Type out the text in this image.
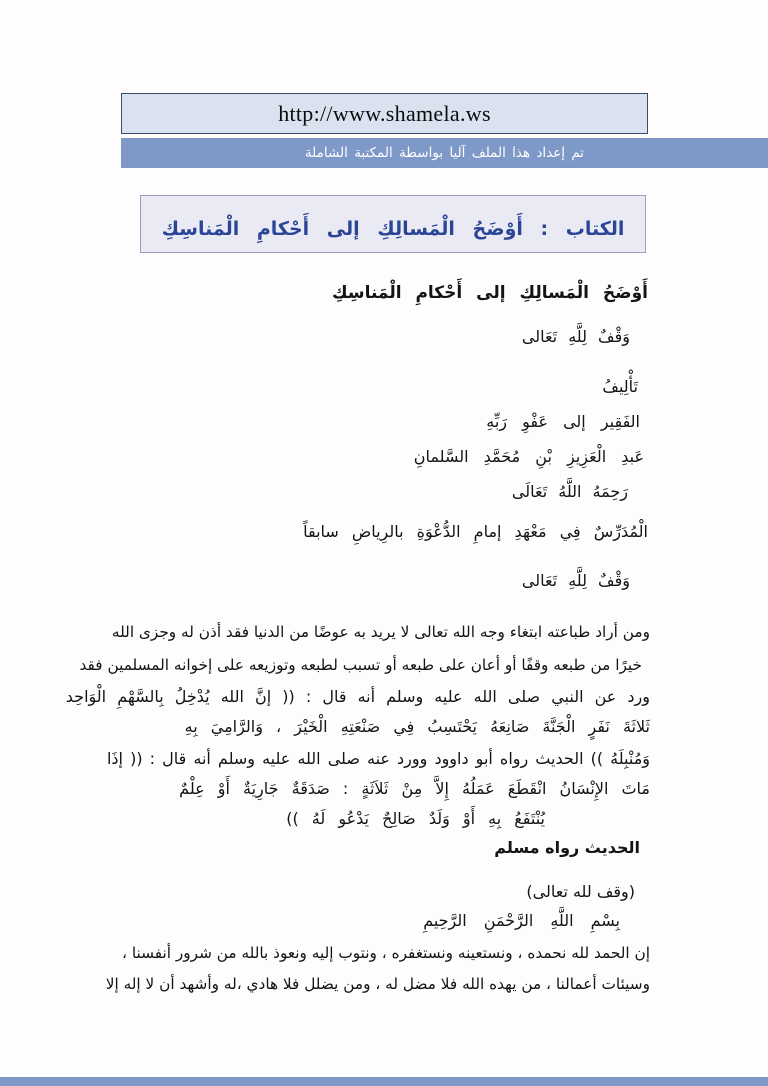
http://www.shamela.ws
تم إعداد هذا الملف آليا بواسطة المكتبة الشاملة
الكتاب : أَوْضَحُ الْمَسالِكِ إلى أَحْكامِ الْمَناسِكِ
أَوْضَحُ الْمَسالِكِ إلى أَحْكامِ الْمَناسِكِ
وَقْفٌ لِلَّهِ تَعَالى
تَأْلِيفُ
الفَقِير إلى عَفْوِ رَبِّهِ
عَبدِ الْعَزِيزِ بْنِ مُحَمَّدِ السَّلمانِ
رَحِمَهُ اللَّهُ تَعَالَى
الْمُدَرِّسٌ فِي مَعْهَدِ إمامِ الدُّعْوَةِ بالرِياضِ سابقاً
وَقْفٌ لِلَّهِ تَعَالى
ومن أراد طباعته ابتغاء وجه الله تعالى لا يريد به عوضًا من الدنيا فقد أذن له وجزى الله
خيرًا من طبعه وقفًا أو أعان على طبعه أو تسبب لطبعه وتوزيعه على إخوانه المسلمين فقد
ورد عن النبي صلى الله عليه وسلم أنه قال : (( إنَّ الله يُدْخِلُ بِالسَّهْمِ الْوَاحِد
ثَلاثَةَ نَفَرٍ الْجَنَّةَ صَانِعَهُ يَحْتَسِبُ فِي صَنْعَتِهِ الْخَيْرَ ، وَالرَّامِيَ بِهِ
وَمُنْبِلَهُ )) الحديث رواه أبو داوود وورد عنه صلى الله عليه وسلم أنه قال : (( إذَا
مَاتَ الإِنْسَانُ انْقَطَعَ عَمَلُهُ إِلاَّ مِنْ ثَلاَثَةٍ : صَدَقَةٌ جَارِيَةٌ أَوْ عِلْمٌ
يُنْتَفَعُ بِهِ أَوْ وَلَدٌ صَالِحٌ يَدْعُو لَهُ ))
الحديث رواه مسلم
(وقف لله تعالى)
بِسْمِ اللَّهِ الرَّحْمَنِ الرَّحِيمِ
إن الحمد لله نحمده ، ونستعينه ونستغفره ، ونتوب إليه ونعوذ بالله من شرور أنفسنا ،
وسيئات أعمالنا ، من يهده الله فلا مضل له ، ومن يضلل فلا هادي ،له وأشهد أن لا إله إلا
